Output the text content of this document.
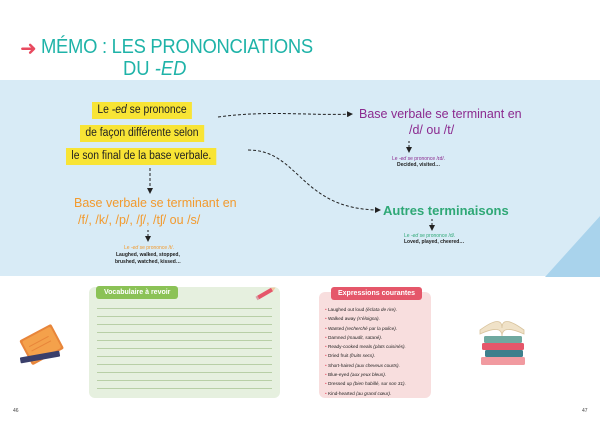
➜ MÉMO : LES PRONONCIATIONS
DU -ED
Le -ed se prononce
de façon différente selon
le son final de la base verbale.
Base verbale se terminant en
/d/ ou /t/
Le -ed se prononce /ɪd/.
Decided, visited…
Autres terminaisons
Le -ed se prononce /d/.
Loved, played, cheered…
Base verbale se terminant en
/f/, /k/, /p/, /ʃ/, /tʃ/ ou /s/
Le -ed se prononce /t/.
Laughed, walked, stopped,
brushed, watched, kissed…
Vocabulaire à revoir	Expressions courantes
• Laughed out loud (éclata de rire).
• Walked away (s’éloigna).
• Wanted (recherché par la police).
• Damned (maudit, satané).
• Ready-cooked meals (plats cuisinés).
• Dried fruit (fruits secs).
• Short-haired (aux cheveux courts).
• Blue-eyed (aux yeux bleus).
• Dressed up (bien habillé, sur son 31).
• Kind-hearted (au grand cœur).
46	47
